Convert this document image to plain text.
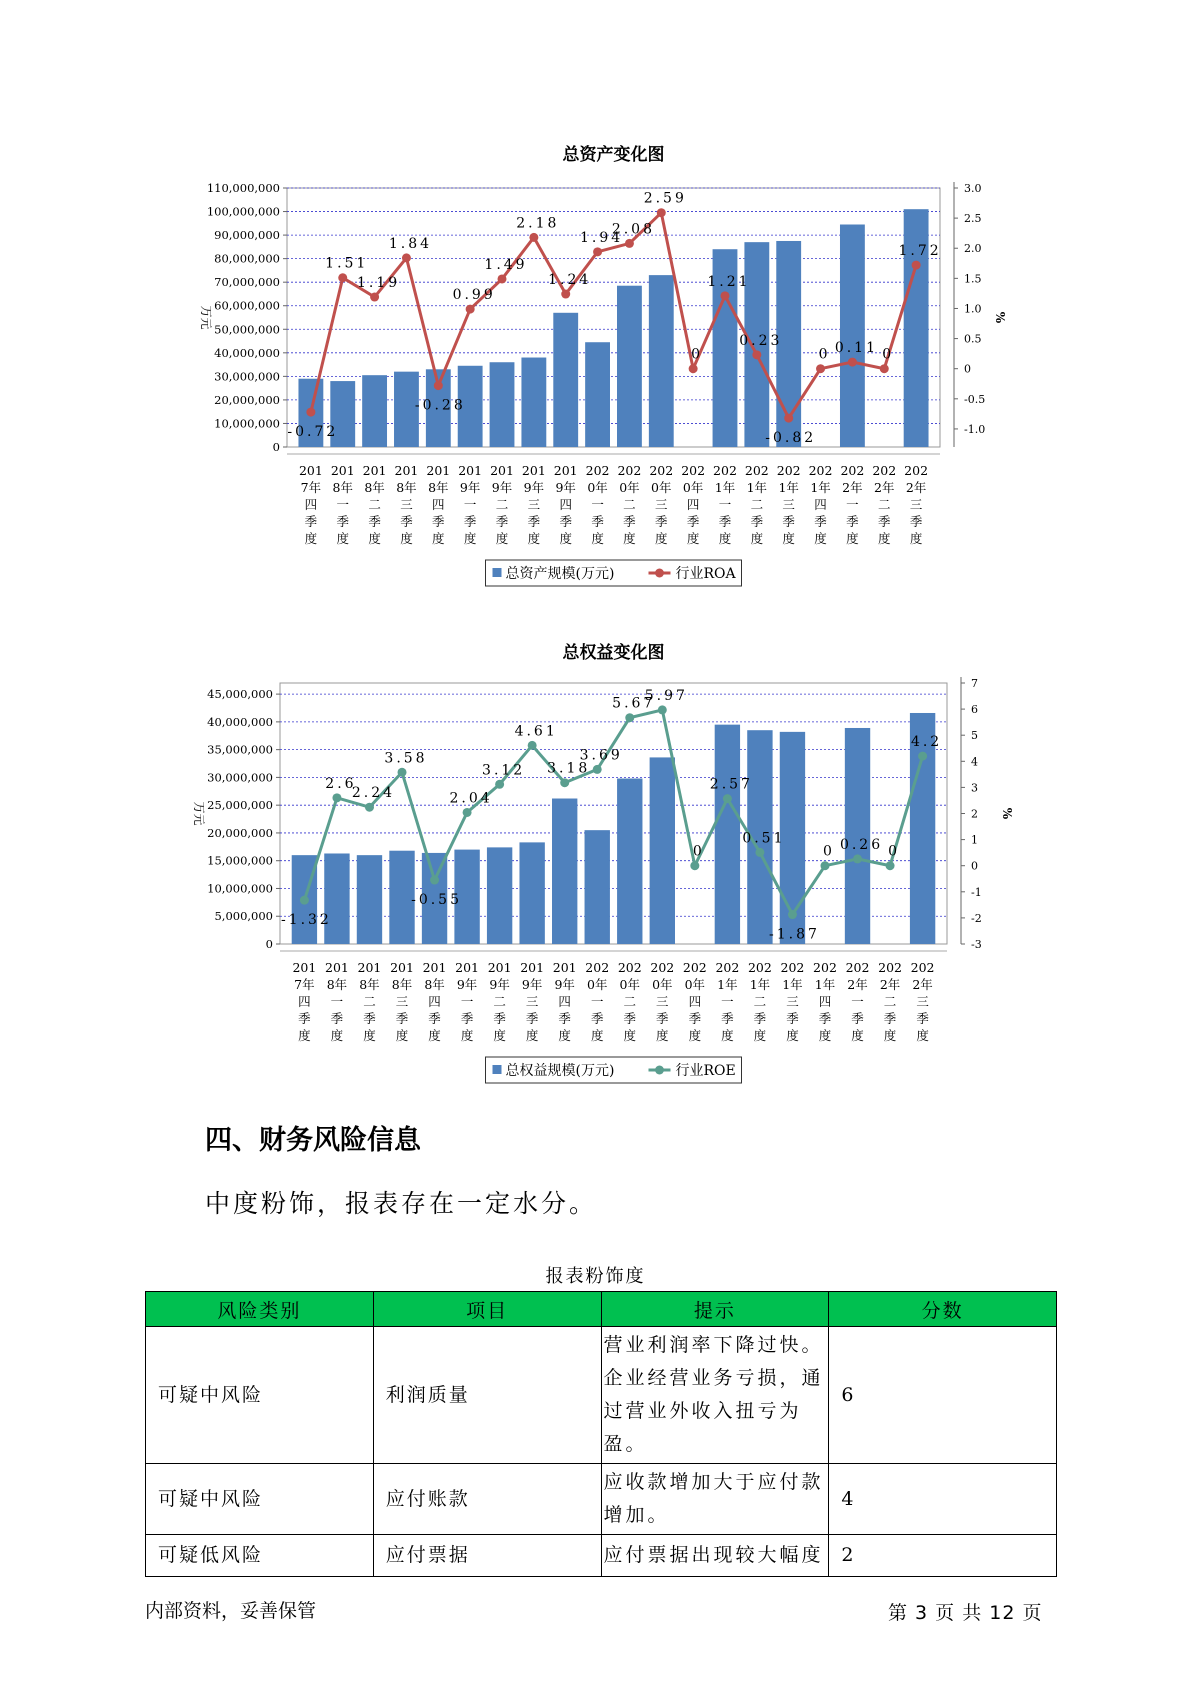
总资产变化图
0
10,000,000
20,000,000
30,000,000
40,000,000
50,000,000
60,000,000
70,000,000
80,000,000
90,000,000
100,000,000
110,000,000
-1.0
-0.5
0
0.5
1.0
1.5
2.0
2.5
3.0
万元	%
-0.72
1.51
1.19
1.84
-0.28
0.99
1.49
2.18
1.24
1.94
2.08
2.59
0
1.21
0.23
-0.82
0 0.11 0
1.72
201
7年
四
季
度
201
8年
一
季
度
201
8年
二
季
度
201
8年
三
季
度
201
8年
四
季
度
201
9年
一
季
度
201
9年
二
季
度
201
9年
三
季
度
201
9年
四
季
度
202
0年
一
季
度
202
0年
二
季
度
202
0年
三
季
度
202
0年
四
季
度
202
1年
一
季
度
202
1年
二
季
度
202
1年
三
季
度
202
1年
四
季
度
202
2年
一
季
度
202
2年
二
季
度
202
2年
三
季
度
总资产规模(万元)	行业ROA
总权益变化图
0
5,000,000
10,000,000
15,000,000
20,000,000
25,000,000
30,000,000
35,000,000
40,000,000
45,000,000
-3
-2
-1
0
1
2
3
4
5
6
7
万元	%
-1.32
2.6
2.24
3.58
-0.55
2.04
3.12
4.61
3.18
3.69
5.67
5.97
0
2.57
0.51
-1.87
0 0.26 0
4.2
201
7年
四
季
度
201
8年
一
季
度
201
8年
二
季
度
201
8年
三
季
度
201
8年
四
季
度
201
9年
一
季
度
201
9年
二
季
度
201
9年
三
季
度
201
9年
四
季
度
202
0年
一
季
度
202
0年
二
季
度
202
0年
三
季
度
202
0年
四
季
度
202
1年
一
季
度
202
1年
二
季
度
202
1年
三
季
度
202
1年
四
季
度
202
2年
一
季
度
202
2年
二
季
度
202
2年
三
季
度
总权益规模(万元)	行业ROE
四、财务风险信息

中度粉饰，报表存在一定水分。

报表粉饰度

风险类别	项目	提示	分数
可疑中风险	利润质量	营业利润率下降过快。企业经营业务亏损，通过营业外收入扭亏为盈。	6
可疑中风险	应付账款	应收款增加大于应付款增加。	4
可疑低风险	应付票据	应付票据出现较大幅度	2
内部资料，妥善保管	第 3 页 共 12 页
